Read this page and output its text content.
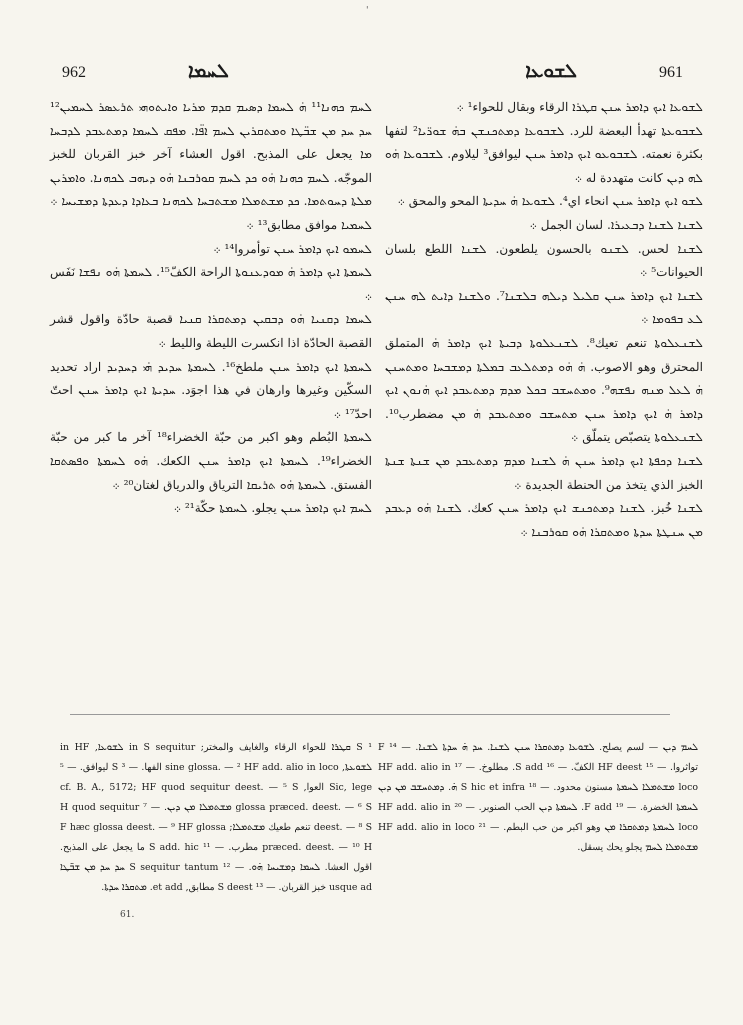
'
962	ܠܚܡܐ	ܠܫܘܥܐ	961

ܠܚܡ ܟܗܢܐ¹¹ ܗ̇ ܠܚܡܐ ܕܣܝܡ ܩܕܡ ܡܪܝܐ ܘܐܝܬܘܗܝ ܬܪܥܣܪ ܠܚܡܝܢ¹² ܚܕ ܚܕ ܡܢ ܫܒ̈ܛܐ ܘܡܬܩܪܝܢ ܠܚܡ ܐܦ̈ܐ. ܡܦܩ ܠܚܡܐ ܕܡܬܥܒܕ ܠܕܒܚܐ ܡܐ يجعل على المذبح. اقول العشاء آخر خبز القربان للخبز الموجّه. ܠܚܡ ܟܗܢܐ ܗ̇ܘ ܟܕ ܠܚܡ ܩܘܪܒܢܐ ܗ̇ܘ ܕܝܗܒ ܠܟܗܢܐ. ܘܐܡܪܝܢ ܡܠܬܐ ܕܚܘܬܡܐ. ܟܕ ܡܫܬܡܠܐ ܡܫܬܒܚܐ ܠܟܗܢܐ ܒܥܐܕܐ ܕܥܕܬܐ ܕܡܫܝܚܐ ܀

ܠܚܡܝܐ موافق مطابق¹³ ܀

ܠܚܡܘ ܐܝܟ ܕܐܡܪ ܚܢܢ توأمروا¹⁴ ܀

ܠܚܡܬܐ ܐܝܟ ܕܐܡܪ ܗ̇ ܡܘܕܥܢܘܬܐ الراحة الكفّ¹⁵. ܠܚܡܬܐ ܗ̇ܘ ܢܦܫܐ نَفَس ܀

ܠܚܡܐ ܕܩܢܝܐ ܗ̇ܘ ܕܒܩܝܢ ܕܡܬܩܪܐ ܩܢܝܐ قصبة حادّة واقول قشر القصبة الحادّة اذا انكسرت الليطة والليط ܀

ܠܚܡܬܐ ܐܝܟ ܕܐܡܪ ܚܢܢ ملطخ¹⁶. ܠܚܡܬܐ ܚܕܝܕ ܗ̇ܝ ܕܚܕܝܕ اراد تحديد السكّين وغيرها وارهان في هذا اجوَد. ܚܕܝܬܐ ܐܝܟ ܕܐܡܪ ܚܢܢ احتّ احدّ¹⁷ ܀

ܠܚܡܬܐ البُطم وهو اكبر من حبّة الخضراء¹⁸ آخر ما كبر من حبّة الخضراء¹⁹. ܠܚܡܬܐ ܐܝܟ ܕܐܡܪ ܚܢܢ الكعك. ܗ̇ܘ ܠܚܡܬܐ ܘܦܣܬܩܐ الفستق. ܠܚܡܬܐ ܗ̇ܘ ܬܪܝܩܐ الترياق والدرياق لغتان²⁰ ܀

ܠܚܡ ܐܝܟ ܕܐܡܪ ܚܢܢ يجلو. ܠܚܡܬܐ حكّة²¹ ܀

ܠܫܘܥܐ ܐܝܟ ܕܐܡܪ ܚܢܢ ܩܛܪܐ الرقاء وبقال للحواء¹ ܀

ܠܫܒܘܥܬܐ تهدأ البعضة للرد. ܠܫܒܘܥܐ ܕܡܬܟܢܫܢ ܒܗ̇ ܫܘܪ̈ܝܐ² لتفها بكثرة نعمته. ܠܫܒܘܥܘ ܐܝܟ ܕܐܡܪ ܚܢܢ ليوافق³ ليلاوم. ܠܫܒܘܥܐ ܗ̇ܘ ܠܗ ܕܝܢ كانت متهددة له ܀

ܠܫܘ ܐܝܟ ܕܐܡܪ ܚܢܢ انحاء اي⁴. ܠܫܘܥܐ ܗ̇ ܚܕܝܬܐ المحو والمحق ܀

ܠܫܢܐ ܠܫܢܐ ܕܒܥܝܪܐ. لسان الجمل ܀

ܠܫܢܐ لحس. ܠܫܢܘ بالحسون يلطعون. ܠܫܢܐ اللطع بلسان الحيوانات⁵ ܀

ܠܫܢܐ ܐܝܟ ܕܐܡܪ ܚܢܢ ܩܠܝܠ ܕܝܠܗ ܒܠܫܢܐ⁷. ܘܠܫܢܐ ܕܐܝܬ ܠܗ ܚܢܢ ܠܥ ܒܦܘܡܐ ܀

ܠܫܢܥܠܘܬܐ تنعم تعيك⁸. ܠܫܢܥܠܘܬܐ ܕܒܝܬܐ ܐܝܟ ܕܐܡܪ ܗ̇ المتملق المحترق وهو الاصوب. ܗ̇ ܗ̇ܘ ܕܡܬܠܥܒ ܒܡܠܬܐ ܕܡܫܒܚܐ ܘܡܬܚܢܢ ܗ̇ ܠܥܠ ܡܢܗ ܢܦܫܗ⁹. ܘܡܬܚܫܒ ܒܟܠ ܡܕܡ ܕܡܬܥܒܕ ܐܝܟ ܗ̇ܢܘܢ ܐܝܟ ܕܐܡܪ ܗ̇ ܐܝܟ ܕܐܡܪ ܚܢܢ ܡܬܚܫܒ ܘܡܬܥܒܕ ܗ̇ ܡܢ مضطرب¹⁰. ܠܫܢܥܠܘܬܐ يتصبّص يتملّق ܀

ܠܫܢܐ ܕܟܦܬܐ ܐܝܟ ܕܐܡܪ ܚܢܢ ܗ̇ ܠܫܢܐ ܡܕܡ ܕܡܬܥܒܕ ܡܢ ܫܢܬܐ ܫܢܬܐ الخبز الذي يتخذ من الحنطة الجديدة ܀

ܠܫܢܐ خُبز. ܠܫܢܐ ܕܡܬܟܢܫ ܐܝܟ ܕܐܡܪ ܚܢܢ كعك. ܠܫܢܐ ܗ̇ܘ ܕܥܒܕ ܡܢ ܚܢܛܬܐ ܚܕܬܐ ܘܡܬܩܪܐ ܗ̇ܘ ܩܘܪܒܢܐ ܀

¹ S ܩܛܪܐ للحواء الرقاء والغايف والمختر; in S sequitur ܠܫܘܥܐ, in HF ܠܫܘܥܬܐ, sine glossa. — ² HF add. alio in loco الفها. — ³ S ليوافق. — ⁵ Sic, lege العوا, cf. B. A., 5172; HF quod sequitur deest. — ⁵ S glossa præced. deest. — ⁶ S ܡܫܬܡܠܐ ܡܢ ܕܝܢ. — ⁷ H quod sequitur deest. — ⁸ S تنعم طعيك ܡܫܬܡܠܐ; F hæc glossa deest. — ⁹ HF glossa præced. deest. — ¹⁰ H مطرب. — ¹¹ S add. hic ما يجعل على المذبح. اقول العشا. ܠܚܡܐ ܕܡܫܝܚܐ ܗ̇ܘ. — ¹² S sequitur tantum ܚܕ ܚܕ ܡܢ ܫܒ̈ܛܐ usque ad خبز القربان. — ¹³ S deest مطابق, et add. ܡܬܩܪܐ ܚܕܬܐ.
ܠܚܡ ܕܝܢ — لسم يصلح. ܠܫܘܥܐ ܕܡܬܩܪܐ ܚܢܢ ܠܫܢܐ. ܚܕ ܗ̇ ܚܕܬܐ ܠܫܢܐ. — ¹⁴ F تواثروا. — ¹⁵ HF deest الكفّ. — ¹⁶ S add. مطلوخ. — ¹⁷ HF add. alio in loco ܡܫܬܡܠܐ ܠܚܡܬܐ مسنون محدود. — ¹⁸ S hic et infra ܗ̇. ܕܡܬܚܫܒ ܡܢ ܕܝܢ ܠܚܡܬܐ الخضرة. — ¹⁹ F add. ܠܚܡܬܐ ܕܝܢ الحب الصنوبر. — ²⁰ HF add. alio in loco ܠܚܡܬܐ ܕܡܬܩܪܐ ܡܢ وهو اكبر من حب البطم. — ²¹ HF add. alio in loco ܡܫܬܡܠܐ ܠܚܡ يجلو يحك يسقل.
61.
